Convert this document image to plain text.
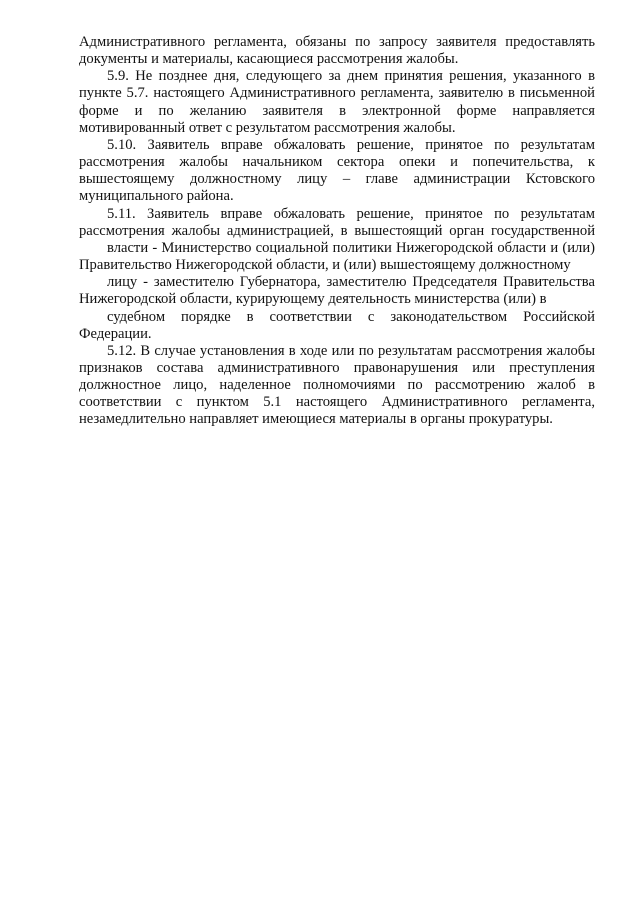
Административного регламента, обязаны по запросу заявителя предоставлять документы и материалы, касающиеся рассмотрения жалобы.

5.9. Не позднее дня, следующего за днем принятия решения, указанного в пункте 5.7. настоящего Административного регламента, заявителю в письменной форме и по желанию заявителя в электронной форме направляется мотивированный ответ с результатом рассмотрения жалобы.

5.10. Заявитель вправе обжаловать решение, принятое по результатам рассмотрения жалобы начальником сектора опеки и попечительства, к вышестоящему должностному лицу – главе администрации Кстовского муниципального района.

5.11. Заявитель вправе обжаловать решение, принятое по результатам рассмотрения жалобы администрацией, в вышестоящий орган государственной

власти - Министерство социальной политики Нижегородской области и (или) Правительство Нижегородской области, и (или) вышестоящему должностному

лицу - заместителю Губернатора, заместителю Председателя Правительства Нижегородской области, курирующему деятельность министерства (или) в

судебном порядке в соответствии с законодательством Российской Федерации.

5.12. В случае установления в ходе или по результатам рассмотрения жалобы признаков состава административного правонарушения или преступления должностное лицо, наделенное полномочиями по рассмотрению жалоб в соответствии с пунктом 5.1 настоящего Административного регламента, незамедлительно направляет имеющиеся материалы в органы прокуратуры.
